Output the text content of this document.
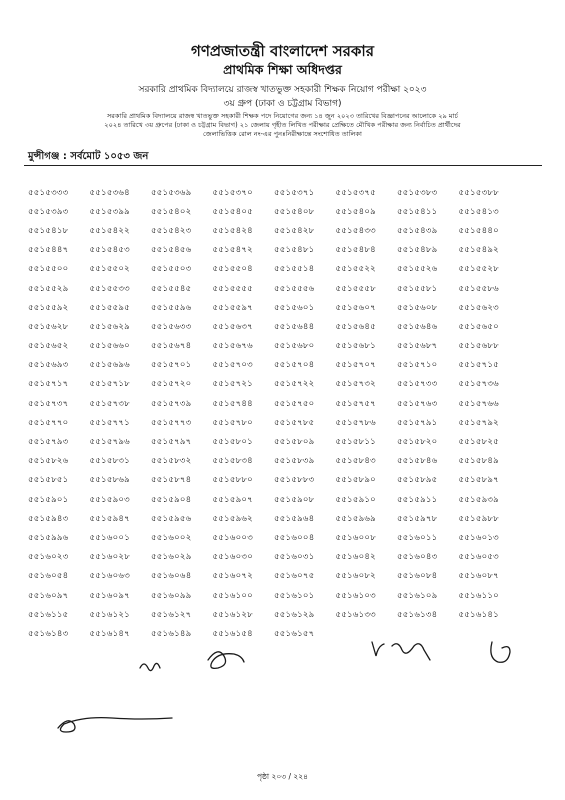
গণপ্রজাতন্ত্রী বাংলাদেশ সরকার
প্রাথমিক শিক্ষা অধিদপ্তর
সরকারি প্রাথমিক বিদ্যালয়ে রাজস্ব খাতভুক্ত সহকারী শিক্ষক নিয়োগ পরীক্ষা ২০২৩
৩য় গ্রুপ (ঢাকা ও চট্টগ্রাম বিভাগ)
সরকারি প্রাথমিক বিদ্যালয়ে রাজস্ব খাতভুক্ত সহকারী শিক্ষক পদে নিয়োগের জন্য ১৪ জুন ২০২৩ তারিখের বিজ্ঞাপনের আলোকে ২৯ মার্চ
২০২৪ তারিখে ৩য় গ্রুপের (ঢাকা ও চট্টগ্রাম বিভাগ) ২১ জেলায় গৃহীত লিখিত পরীক্ষার প্রেক্ষিতে মৌখিক পরীক্ষার জন্য নির্বাচিত প্রার্থীদের
জেলাভিত্তিক রোল নং-এর পুনঃনিরীক্ষান্তে সংশোধিত তালিকা
মুন্সীগঞ্জ : সর্বমোট ১০৫৩ জন
৫৫১৫৩৩৩	৫৫১৫৩৬৪	৫৫১৫৩৬৯	৫৫১৫৩৭০	৫৫১৫৩৭১	৫৫১৫৩৭৫	৫৫১৫৩৮৩	৫৫১৫৩৮৮
৫৫১৫৩৯৩	৫৫১৫৩৯৯	৫৫১৫৪০২	৫৫১৫৪০৫	৫৫১৫৪০৮	৫৫১৫৪০৯	৫৫১৫৪১১	৫৫১৫৪১৩
৫৫১৫৪১৮	৫৫১৫৪২২	৫৫১৫৪২৩	৫৫১৫৪২৪	৫৫১৫৪২৮	৫৫১৫৪৩৩	৫৫১৫৪৩৯	৫৫১৫৪৪০
৫৫১৫৪৪৭	৫৫১৫৪৫৩	৫৫১৫৪৫৬	৫৫১৫৪৭২	৫৫১৫৪৮১	৫৫১৫৪৮৪	৫৫১৫৪৮৯	৫৫১৫৪৯২
৫৫১৫৫০০	৫৫১৫৫০২	৫৫১৫৫০৩	৫৫১৫৫০৪	৫৫১৫৫১৪	৫৫১৫৫২২	৫৫১৫৫২৬	৫৫১৫৫২৮
৫৫১৫৫২৯	৫৫১৫৫৩৩	৫৫১৫৫৪৫	৫৫১৫৫৫৫	৫৫১৫৫৫৬	৫৫১৫৫৫৮	৫৫১৫৫৮১	৫৫১৫৫৮৬
৫৫১৫৫৯২	৫৫১৫৫৯৫	৫৫১৫৫৯৬	৫৫১৫৫৯৭	৫৫১৫৬০১	৫৫১৫৬০৭	৫৫১৫৬০৮	৫৫১৫৬২৩
৫৫১৫৬২৮	৫৫১৫৬২৯	৫৫১৫৬৩৩	৫৫১৫৬৩৭	৫৫১৫৬৪৪	৫৫১৫৬৪৫	৫৫১৫৬৪৬	৫৫১৫৬৫০
৫৫১৫৬৫২	৫৫১৫৬৬০	৫৫১৫৬৭৪	৫৫১৫৬৭৬	৫৫১৫৬৮০	৫৫১৫৬৮১	৫৫১৫৬৮৭	৫৫১৫৬৮৮
৫৫১৫৬৯৩	৫৫১৫৬৯৬	৫৫১৫৭০১	৫৫১৫৭০৩	৫৫১৫৭০৪	৫৫১৫৭০৭	৫৫১৫৭১০	৫৫১৫৭১৫
৫৫১৫৭১৭	৫৫১৫৭১৮	৫৫১৫৭২০	৫৫১৫৭২১	৫৫১৫৭২২	৫৫১৫৭৩২	৫৫১৫৭৩৩	৫৫১৫৭৩৬
৫৫১৫৭৩৭	৫৫১৫৭৩৮	৫৫১৫৭৩৯	৫৫১৫৭৪৪	৫৫১৫৭৫০	৫৫১৫৭৫৭	৫৫১৫৭৬৩	৫৫১৫৭৬৬
৫৫১৫৭৭০	৫৫১৫৭৭১	৫৫১৫৭৭৩	৫৫১৫৭৮০	৫৫১৫৭৮৫	৫৫১৫৭৮৬	৫৫১৫৭৯১	৫৫১৫৭৯২
৫৫১৫৭৯৩	৫৫১৫৭৯৬	৫৫১৫৭৯৭	৫৫১৫৮০১	৫৫১৫৮০৯	৫৫১৫৮১১	৫৫১৫৮২০	৫৫১৫৮২৫
৫৫১৫৮২৬	৫৫১৫৮৩১	৫৫১৫৮৩২	৫৫১৫৮৩৪	৫৫১৫৮৩৯	৫৫১৫৮৪৩	৫৫১৫৮৪৬	৫৫১৫৮৪৯
৫৫১৫৮৫১	৫৫১৫৮৬৯	৫৫১৫৮৭৪	৫৫১৫৮৮০	৫৫১৫৮৮৩	৫৫১৫৮৯০	৫৫১৫৮৯৫	৫৫১৫৮৯৭
৫৫১৫৯০১	৫৫১৫৯০৩	৫৫১৫৯০৪	৫৫১৫৯০৭	৫৫১৫৯০৮	৫৫১৫৯১০	৫৫১৫৯১১	৫৫১৫৯৩৯
৫৫১৫৯৪৩	৫৫১৫৯৪৭	৫৫১৫৯৫৬	৫৫১৫৯৬২	৫৫১৫৯৬৪	৫৫১৫৯৬৯	৫৫১৫৯৭৮	৫৫১৫৯৮৮
৫৫১৫৯৯৬	৫৫১৬০০১	৫৫১৬০০২	৫৫১৬০০৩	৫৫১৬০০৪	৫৫১৬০০৮	৫৫১৬০১১	৫৫১৬০১৩
৫৫১৬০২৩	৫৫১৬০২৮	৫৫১৬০২৯	৫৫১৬০৩০	৫৫১৬০৩১	৫৫১৬০৪২	৫৫১৬০৪৩	৫৫১৬০৫৩
৫৫১৬০৫৪	৫৫১৬০৬৩	৫৫১৬০৬৪	৫৫১৬০৭২	৫৫১৬০৭৫	৫৫১৬০৮২	৫৫১৬০৮৪	৫৫১৬০৮৭
৫৫১৬০৯৭	৫৫১৬০৯৭	৫৫১৬০৯৯	৫৫১৬১০০	৫৫১৬১০১	৫৫১৬১০৩	৫৫১৬১০৯	৫৫১৬১১০
৫৫১৬১১৫	৫৫১৬১২১	৫৫১৬১২৭	৫৫১৬১২৮	৫৫১৬১২৯	৫৫১৬১৩৩	৫৫১৬১৩৪	৫৫১৬১৪১
৫৫১৬১৪৩	৫৫১৬১৪৭	৫৫১৬১৪৯	৫৫১৬১৫৪	৫৫১৬১৫৭
পৃষ্ঠা ২০৩ / ২২৪
